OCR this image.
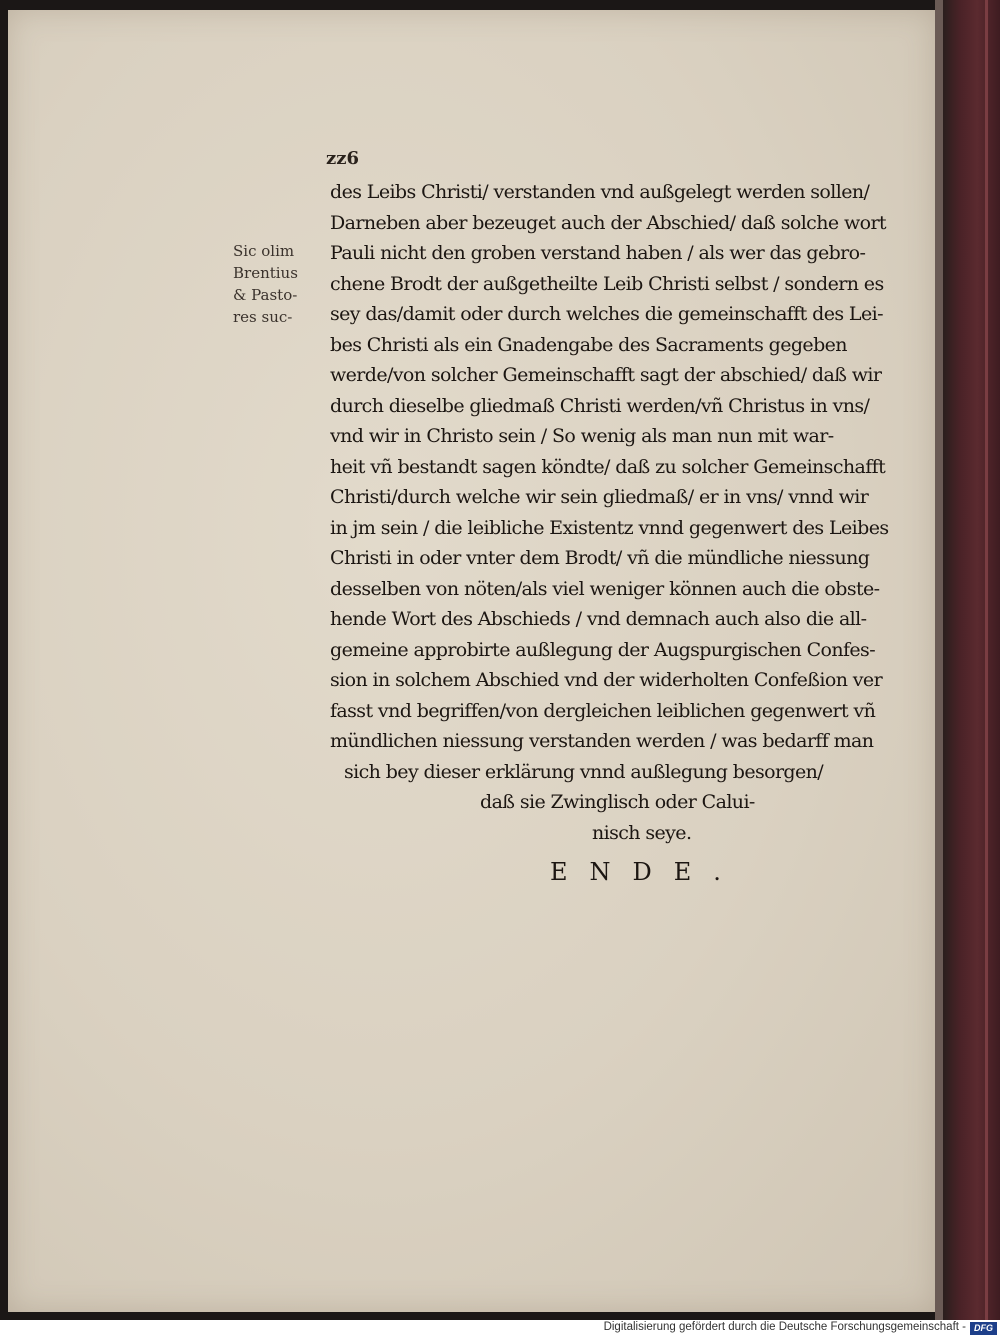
zz6
Sic olim
Brentius
& Pasto-
res suc-
des Leibs Christi/ verstanden vnd außgelegt werden sollen/
Darneben aber bezeuget auch der Abschied/ daß solche wort
Pauli nicht den groben verstand haben / als wer das gebro-
chene Brodt der außgetheilte Leib Christi selbst / sondern es
sey das/damit oder durch welches die gemeinschafft des Lei-
bes Christi als ein Gnadengabe des Sacraments gegeben
werde/von solcher Gemeinschafft sagt der abschied/ daß wir
durch dieselbe gliedmaß Christi werden/vñ Christus in vns/
vnd wir in Christo sein / So wenig als man nun mit war-
heit vñ bestandt sagen köndte/ daß zu solcher Gemeinschafft
Christi/durch welche wir sein gliedmaß/ er in vns/ vnnd wir
in jm sein / die leibliche Existentz vnnd gegenwert des Leibes
Christi in oder vnter dem Brodt/ vñ die mündliche niessung
desselben von nöten/als viel weniger können auch die obste-
hende Wort des Abschieds / vnd demnach auch also die all-
gemeine approbirte außlegung der Augspurgischen Confes-
sion in solchem Abschied vnd der widerholten Confeßion ver
fasst vnd begriffen/von dergleichen leiblichen gegenwert vñ
mündlichen niessung verstanden werden / was bedarff man
sich bey dieser erklärung vnnd außlegung besorgen/
daß sie Zwinglisch oder Calui-
nisch seye.
ENDE.
Digitalisierung gefördert durch die Deutsche Forschungsgemeinschaft - DFG
